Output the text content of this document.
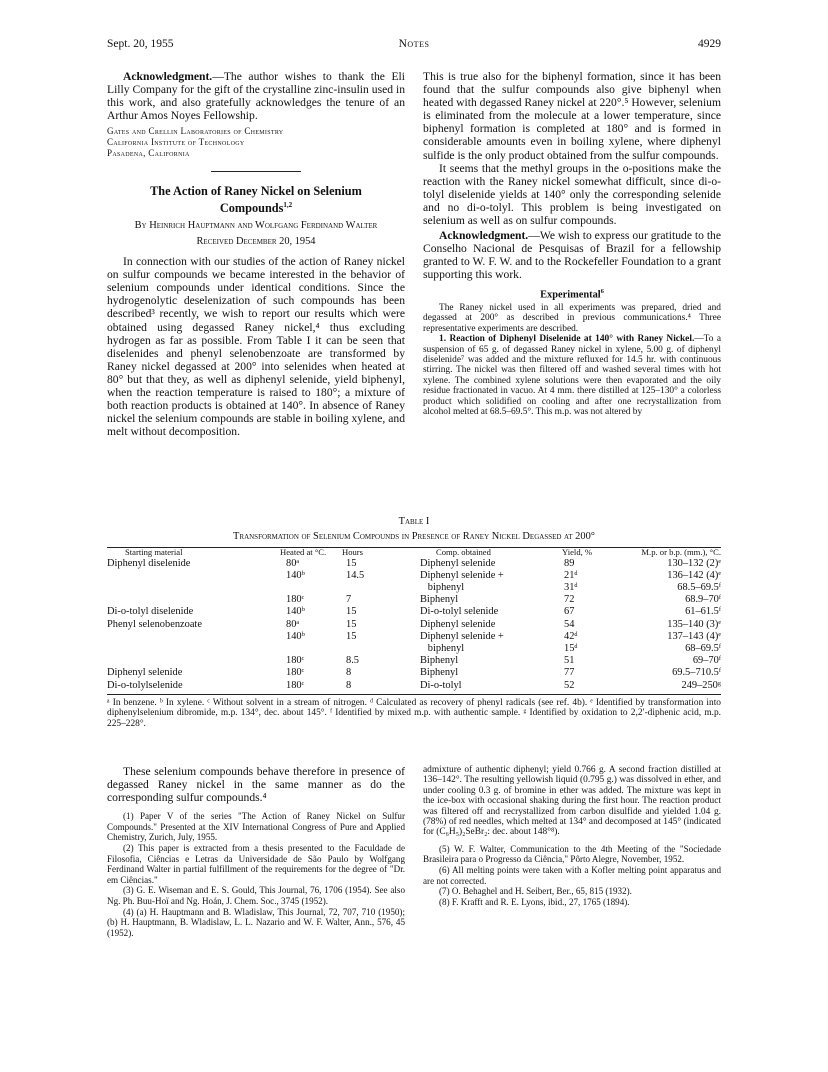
Sept. 20, 1955	Notes	4929

Acknowledgment.—The author wishes to thank the Eli Lilly Company for the gift of the crystalline zinc-insulin used in this work, and also gratefully acknowledges the tenure of an Arthur Amos Noyes Fellowship.

Gates and Crellin Laboratories of Chemistry
California Institute of Technology
Pasadena, California

The Action of Raney Nickel on Selenium Compounds$^{1,2}$

By Heinrich Hauptmann and Wolfgang Ferdinand Walter

Received December 20, 1954

In connection with our studies of the action of Raney nickel on sulfur compounds we became interested in the behavior of selenium compounds under identical conditions. Since the hydrogenolytic deselenization of such compounds has been described³ recently, we wish to report our results which were obtained using degassed Raney nickel,⁴ thus excluding hydrogen as far as possible. From Table I it can be seen that diselenides and phenyl selenobenzoate are transformed by Raney nickel degassed at 200° into selenides when heated at 80° but that they, as well as diphenyl selenide, yield biphenyl, when the reaction temperature is raised to 180°; a mixture of both reaction products is obtained at 140°. In absence of Raney nickel the selenium compounds are stable in boiling xylene, and melt without decomposition.

This is true also for the biphenyl formation, since it has been found that the sulfur compounds also give biphenyl when heated with degassed Raney nickel at 220°.⁵ However, selenium is eliminated from the molecule at a lower temperature, since biphenyl formation is completed at 180° and is formed in considerable amounts even in boiling xylene, where diphenyl sulfide is the only product obtained from the sulfur compounds.

It seems that the methyl groups in the o-positions make the reaction with the Raney nickel somewhat difficult, since di-o-tolyl diselenide yields at 140° only the corresponding selenide and no di-o-tolyl. This problem is being investigated on selenium as well as on sulfur compounds.

Acknowledgment.—We wish to express our gratitude to the Conselho Nacional de Pesquisas of Brazil for a fellowship granted to W. F. W. and to the Rockefeller Foundation to a grant supporting this work.

Experimental$^6$

The Raney nickel used in all experiments was prepared, dried and degassed at 200° as described in previous communications.⁴ Three representative experiments are described.

1. Reaction of Diphenyl Diselenide at 140° with Raney Nickel.—To a suspension of 65 g. of degassed Raney nickel in xylene, 5.00 g. of diphenyl diselenide⁷ was added and the mixture refluxed for 14.5 hr. with continuous stirring. The nickel was then filtered off and washed several times with hot xylene. The combined xylene solutions were then evaporated and the oily residue fractionated in vacuo. At 4 mm. there distilled at 125–130° a colorless product which solidified on cooling and after one recrystallization from alcohol melted at 68.5–69.5°. This m.p. was not altered by

Table I
Transformation of Selenium Compounds in Presence of Raney Nickel Degassed at 200°
Starting material	Heated at °C.	Hours	Comp. obtained	Yield, %	M.p. or b.p. (mm.), °C.
Diphenyl diselenide	80ᵃ	15	Diphenyl selenide	89	130–132 (2)ᵉ
	140ᵇ	14.5	Diphenyl selenide +	21ᵈ	136–142 (4)ᵉ
			biphenyl	31ᵈ	68.5–69.5ᶠ
	180ᶜ	7	Biphenyl	72	68.9–70ᶠ
Di-o-tolyl diselenide	140ᵇ	15	Di-o-tolyl selenide	67	61–61.5ᶠ
Phenyl selenobenzoate	80ᵃ	15	Diphenyl selenide	54	135–140 (3)ᵉ
	140ᵇ	15	Diphenyl selenide +	42ᵈ	137–143 (4)ᵉ
			biphenyl	15ᵈ	68–69.5ᶠ
	180ᶜ	8.5	Biphenyl	51	69–70ᶠ
Diphenyl selenide	180ᶜ	8	Biphenyl	77	69.5–710.5ᶠ
Di-o-tolylselenide	180ᶜ	8	Di-o-tolyl	52	249–250ᵍ

ᵃ In benzene. ᵇ In xylene. ᶜ Without solvent in a stream of nitrogen. ᵈ Calculated as recovery of phenyl radicals (see ref. 4b). ᵉ Identified by transformation into diphenylselenium dibromide, m.p. 134°, dec. about 145°. ᶠ Identified by mixed m.p. with authentic sample. ᵍ Identified by oxidation to 2,2′-diphenic acid, m.p. 225–228°.

These selenium compounds behave therefore in presence of degassed Raney nickel in the same manner as do the corresponding sulfur compounds.⁴

(1) Paper V of the series "The Action of Raney Nickel on Sulfur Compounds." Presented at the XIV International Congress of Pure and Applied Chemistry, Zurich, July, 1955.

(2) This paper is extracted from a thesis presented to the Faculdade de Filosofia, Ciências e Letras da Universidade de São Paulo by Wolfgang Ferdinand Walter in partial fulfillment of the requirements for the degree of "Dr. em Ciências."

(3) G. E. Wiseman and E. S. Gould, This Journal, 76, 1706 (1954). See also Ng. Ph. Buu-Hoï and Ng. Hoán, J. Chem. Soc., 3745 (1952).

(4) (a) H. Hauptmann and B. Wladislaw, This Journal, 72, 707, 710 (1950); (b) H. Hauptmann, B. Wladislaw, L. L. Nazario and W. F. Walter, Ann., 576, 45 (1952).

admixture of authentic diphenyl; yield 0.766 g. A second fraction distilled at 136–142°. The resulting yellowish liquid (0.795 g.) was dissolved in ether, and under cooling 0.3 g. of bromine in ether was added. The mixture was kept in the ice-box with occasional shaking during the first hour. The reaction product was filtered off and recrystallized from carbon disulfide and yielded 1.04 g. (78%) of red needles, which melted at 134° and decomposed at 145° (indicated for (C₆H₅)₂SeBr₂: dec. about 148°⁸).

(5) W. F. Walter, Communication to the 4th Meeting of the "Sociedade Brasileira para o Progresso da Ciência," Pôrto Alegre, November, 1952.

(6) All melting points were taken with a Kofler melting point apparatus and are not corrected.

(7) O. Behaghel and H. Seibert, Ber., 65, 815 (1932).

(8) F. Krafft and R. E. Lyons, ibid., 27, 1765 (1894).
